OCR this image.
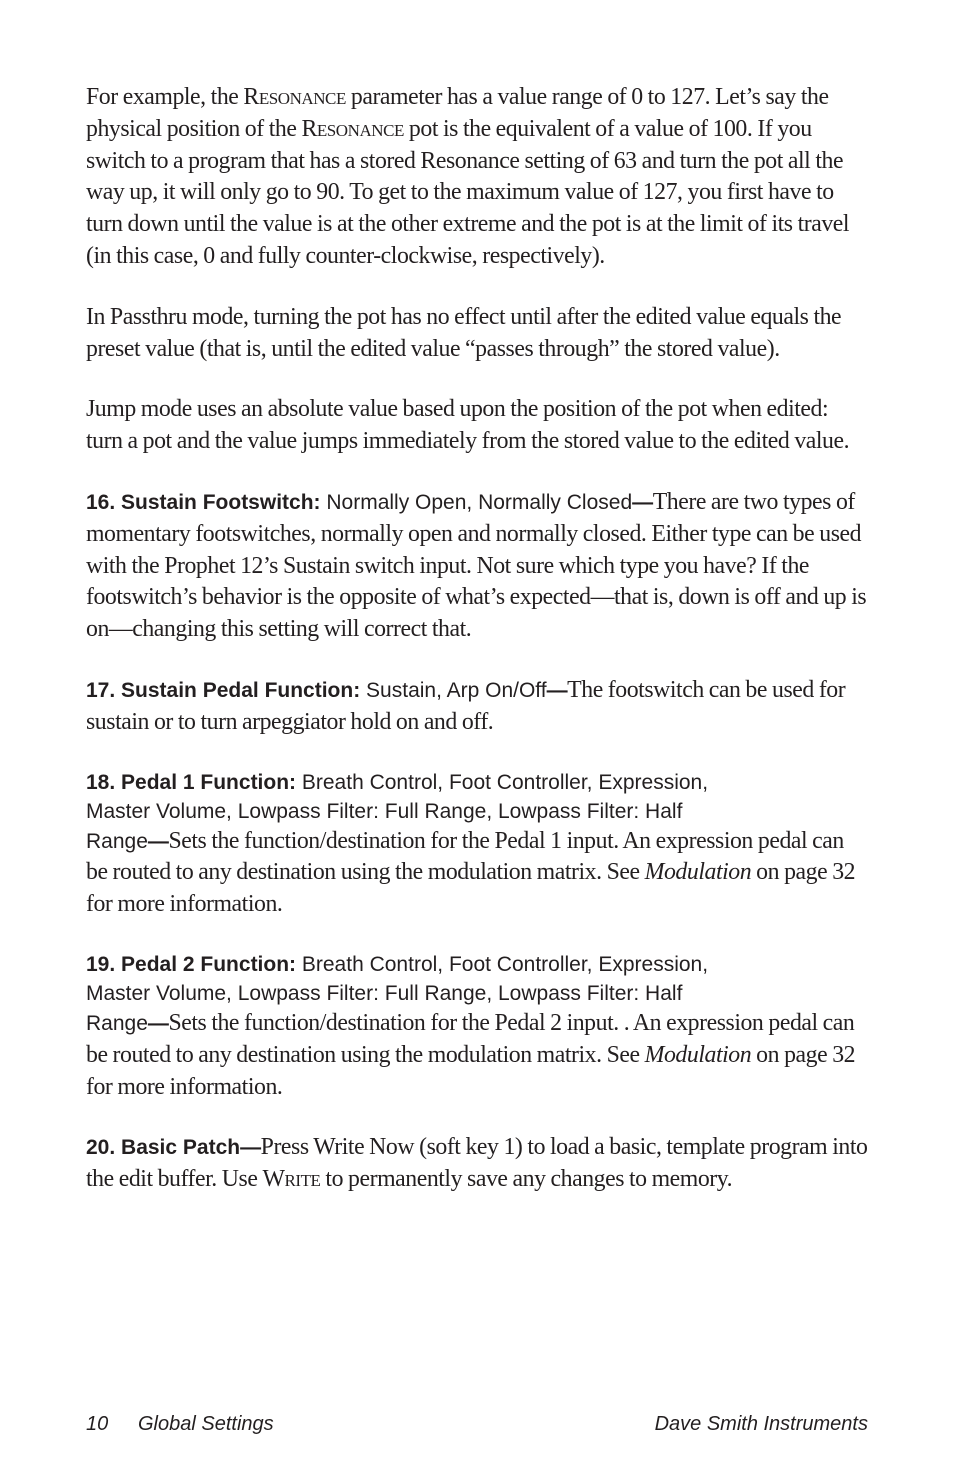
For example, the Resonance parameter has a value range of 0 to 127. Let’s say the physical position of the Resonance pot is the equivalent of a value of 100. If you switch to a program that has a stored Resonance setting of 63 and turn the pot all the way up, it will only go to 90. To get to the maximum value of 127, you first have to turn down until the value is at the other extreme and the pot is at the limit of its travel (in this case, 0 and fully counter-clockwise, respectively).

In Passthru mode, turning the pot has no effect until after the edited value equals the preset value (that is, until the edited value “passes through” the stored value).

Jump mode uses an absolute value based upon the position of the pot when edited: turn a pot and the value jumps immediately from the stored value to the edited value.

16. Sustain Footswitch: Normally Open, Normally Closed—There are two types of momentary footswitches, normally open and normally closed. Either type can be used with the Prophet 12’s Sustain switch input. Not sure which type you have? If the footswitch’s behavior is the opposite of what’s expected—that is, down is off and up is on—changing this setting will correct that.

17. Sustain Pedal Function: Sustain, Arp On/Off—The footswitch can be used for sustain or to turn arpeggiator hold on and off.

18. Pedal 1 Function: Breath Control, Foot Controller, Expression,
Master Volume, Lowpass Filter: Full Range, Lowpass Filter: Half
Range—Sets the function/destination for the Pedal 1 input. An expression pedal can be routed to any destination using the modulation matrix. See Modulation on page 32 for more information.

19. Pedal 2 Function: Breath Control, Foot Controller, Expression,
Master Volume, Lowpass Filter: Full Range, Lowpass Filter: Half
Range—Sets the function/destination for the Pedal 2 input. . An expression pedal can be routed to any destination using the modulation matrix. See Modulation on page 32 for more information.

20. Basic Patch—Press Write Now (soft key 1) to load a basic, template program into the edit buffer. Use Write to permanently save any changes to memory.

10 Global Settings	Dave Smith Instruments
